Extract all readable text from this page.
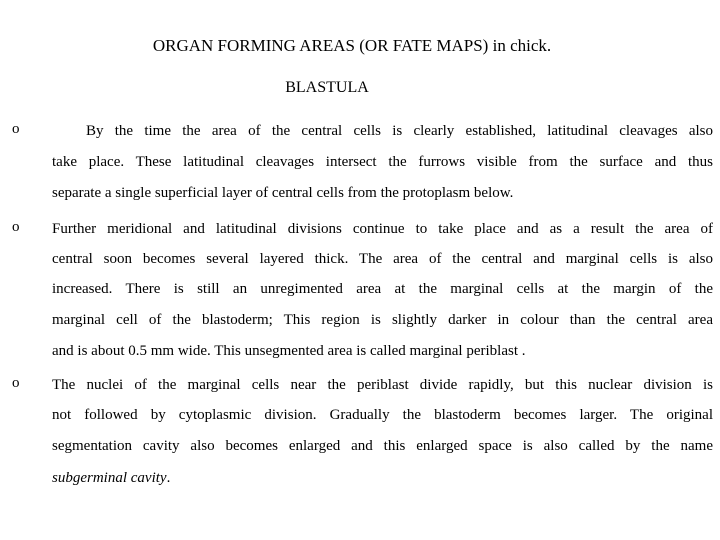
ORGAN FORMING AREAS (OR FATE MAPS) in chick.
BLASTULA
o	By the time the area of the central cells is clearly established, latitudinal cleavages also
take place. These latitudinal cleavages intersect the furrows visible from the surface and thus
separate a single superficial layer of central cells from the protoplasm below.
o Further meridional and latitudinal divisions continue to take place and as a result the area of
central soon becomes several layered thick. The area of the central and marginal cells is also
increased. There is still an unregimented area at the marginal cells at the margin of the
marginal cell of the blastoderm; This region is slightly darker in colour than the central area
and is about 0.5 mm wide. This unsegmented area is called marginal periblast .
o The nuclei of the marginal cells near the periblast divide rapidly, but this nuclear division is
not followed by cytoplasmic division. Gradually the blastoderm becomes larger. The original
segmentation cavity also becomes enlarged and this enlarged space is also called by the name
subgerminal cavity.
